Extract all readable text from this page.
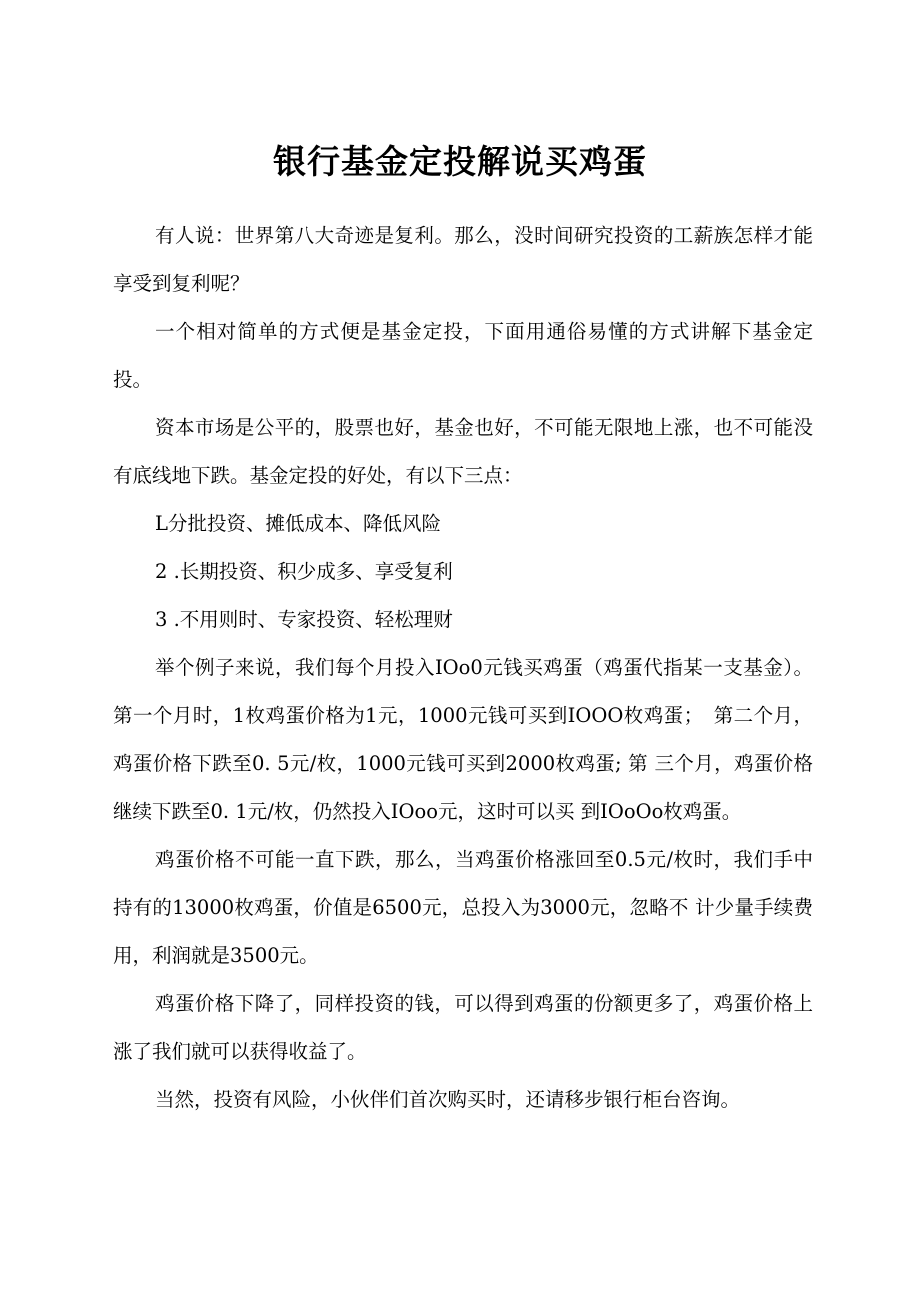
银行基金定投解说买鸡蛋

有人说：世界第八大奇迹是复利。那么，没时间研究投资的工薪族怎样才能享受到复利呢？

一个相对简单的方式便是基金定投，下面用通俗易懂的方式讲解下基金定投。

资本市场是公平的，股票也好，基金也好，不可能无限地上涨，也不可能没有底线地下跌。基金定投的好处，有以下三点：

L分批投资、摊低成本、降低风险

2 .长期投资、积少成多、享受复利

3 .不用则时、专家投资、轻松理财

举个例子来说，我们每个月投入IOo0元钱买鸡蛋（鸡蛋代指某一支基金）。第一个月时，1枚鸡蛋价格为1元，1000元钱可买到IOOO枚鸡蛋；　第二个月，鸡蛋价格下跌至0. 5元/枚，1000元钱可买到2000枚鸡蛋; 第 三个月，鸡蛋价格继续下跌至0. 1元/枚，仍然投入IOoo元，这时可以买 到IOoOo枚鸡蛋。

鸡蛋价格不可能一直下跌，那么，当鸡蛋价格涨回至0.5元/枚时，我们手中持有的13000枚鸡蛋，价值是6500元，总投入为3000元，忽略不 计少量手续费用，利润就是3500元。

鸡蛋价格下降了，同样投资的钱，可以得到鸡蛋的份额更多了，鸡蛋价格上涨了我们就可以获得收益了。

当然，投资有风险，小伙伴们首次购买时，还请移步银行柜台咨询。
